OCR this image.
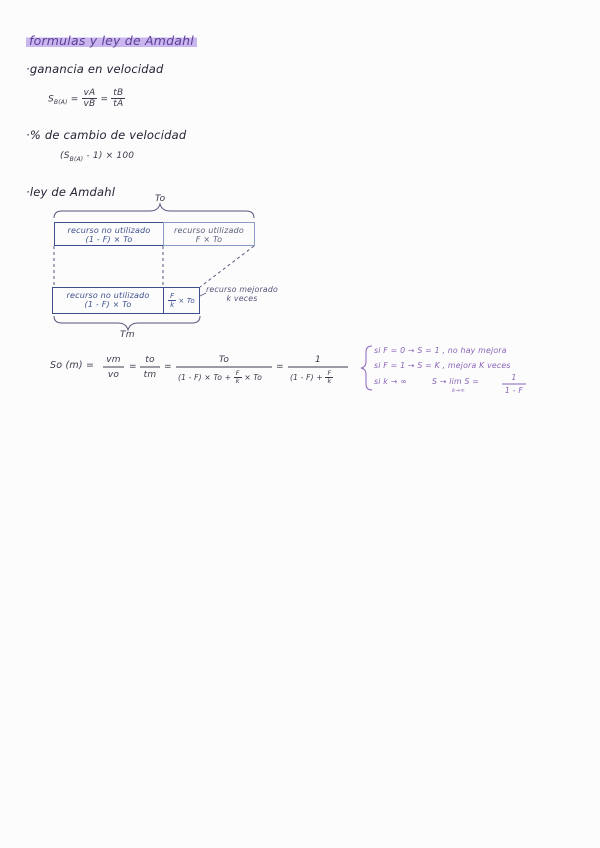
formulas y ley de Amdahl
·ganancia en velocidad
$S_{B(A)} = \frac{vA}{vB} = \frac{tB}{tA}$
·% de cambio de velocidad
$(S_{B(A)} - 1) \times 100$
·ley de Amdahl	To
Tm
recurso no utilizado
(1 - F) × To
recurso utilizado
F × To
recurso no utilizado
(1 - F) × To	$\frac{F}{k} \times To$
recurso mejorado
k veces
So (m) =	vm
vo
=
to
tm
=
To
$(1 - F) \times To + \frac{F}{k} \times To$
=
1
$(1 - F) + \frac{F}{k}$
si F = 0 → S = 1 , no hay mejora
si F = 1 → S = K , mejora K veces
si k → ∞	S → lim S =
k→∞
1
1 - F
